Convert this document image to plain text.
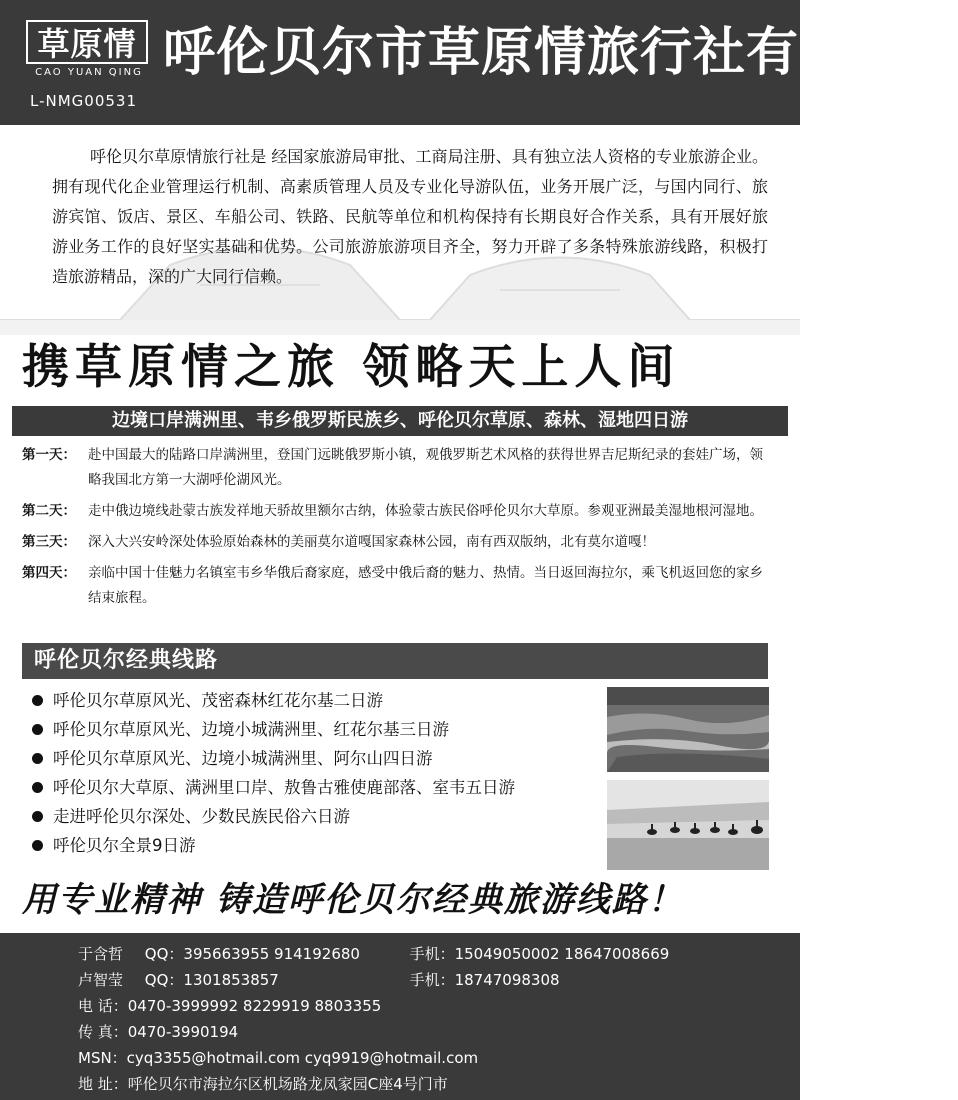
草原情
CAO YUAN QING
L-NMG00531
呼伦贝尔市草原情旅行社有限公司
呼伦贝尔草原情旅行社是 经国家旅游局审批、工商局注册、具有独立法人资格的专业旅游企业。拥有现代化企业管理运行机制、高素质管理人员及专业化导游队伍，业务开展广泛，与国内同行、旅游宾馆、饭店、景区、车船公司、铁路、民航等单位和机构保持有长期良好合作关系，具有开展好旅游业务工作的良好坚实基础和优势。公司旅游旅游项目齐全，努力开辟了多条特殊旅游线路，积极打造旅游精品，深的广大同行信赖。
携草原情之旅 领略天上人间
边境口岸满洲里、韦乡俄罗斯民族乡、呼伦贝尔草原、森林、湿地四日游
第一天： 赴中国最大的陆路口岸满洲里，登国门远眺俄罗斯小镇，观俄罗斯艺术风格的获得世界吉尼斯纪录的套娃广场，领略我国北方第一大湖呼伦湖风光。
第二天： 走中俄边境线赴蒙古族发祥地天骄故里额尔古纳，体验蒙古族民俗呼伦贝尔大草原。参观亚洲最美湿地根河湿地。
第三天： 深入大兴安岭深处体验原始森林的美丽莫尔道嘎国家森林公园，南有西双版纳，北有莫尔道嘎！
第四天： 亲临中国十佳魅力名镇室韦乡华俄后裔家庭，感受中俄后裔的魅力、热情。当日返回海拉尔，乘飞机返回您的家乡结束旅程。
呼伦贝尔经典线路
呼伦贝尔草原风光、茂密森林红花尔基二日游
呼伦贝尔草原风光、边境小城满洲里、红花尔基三日游
呼伦贝尔草原风光、边境小城满洲里、阿尔山四日游
呼伦贝尔大草原、满洲里口岸、敖鲁古雅使鹿部落、室韦五日游
走进呼伦贝尔深处、少数民族民俗六日游
呼伦贝尔全景9日游
用专业精神 铸造呼伦贝尔经典旅游线路！
于含哲 QQ：395663955 914192680	手机：15049050002 18647008669
卢智莹 QQ：1301853857	手机：18747098308
电 话：0470-3999992 8229919 8803355
传 真：0470-3990194
MSN：cyq3355@hotmail.com cyq9919@hotmail.com
地 址：呼伦贝尔市海拉尔区机场路龙凤家园C座4号门市
